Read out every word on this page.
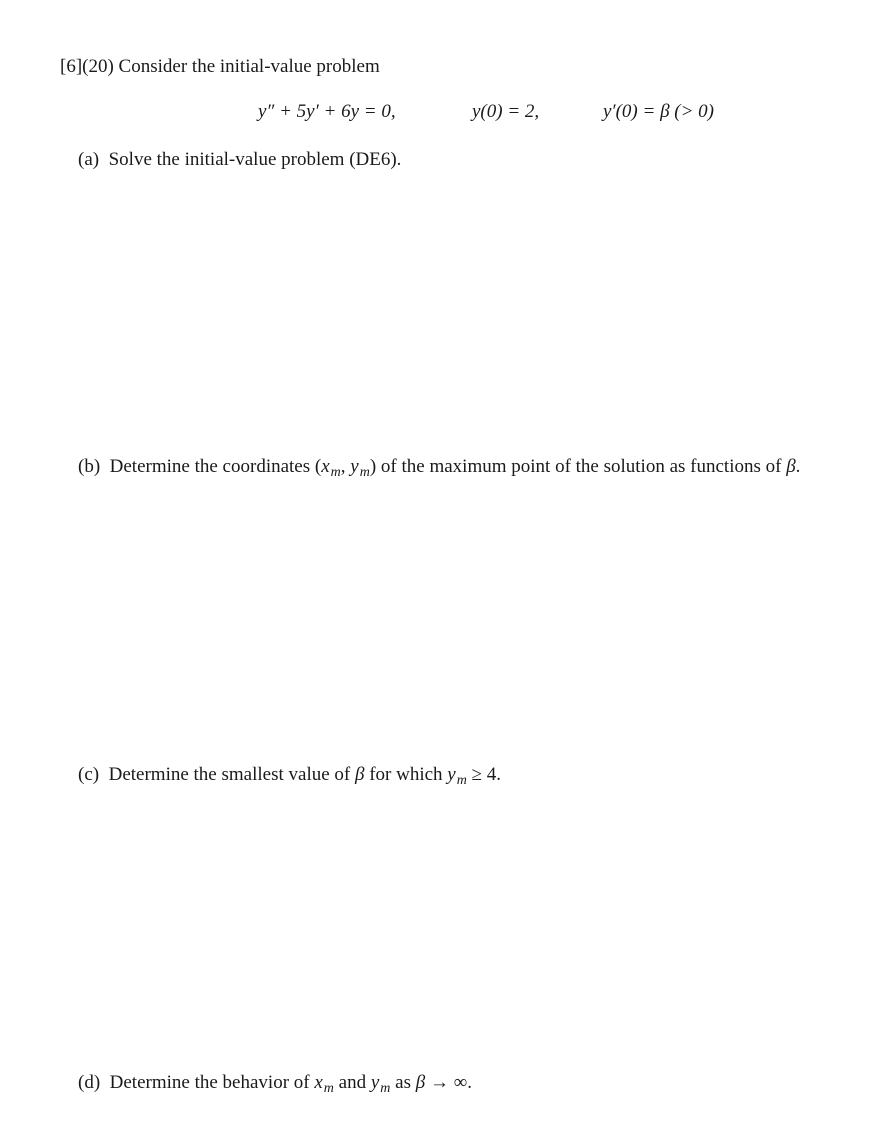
[6](20) Consider the initial-value problem
y″ + 5y′ + 6y = 0,	y(0) = 2,	y′(0) = β (> 0)
(a) Solve the initial-value problem (DE6).
(b) Determine the coordinates ($x_m$, $y_m$) of the maximum point of the solution as functions of β.
(c) Determine the smallest value of β for which $y_m \ge 4$.
(d) Determine the behavior of $x_m$ and $y_m$ as β → ∞.
